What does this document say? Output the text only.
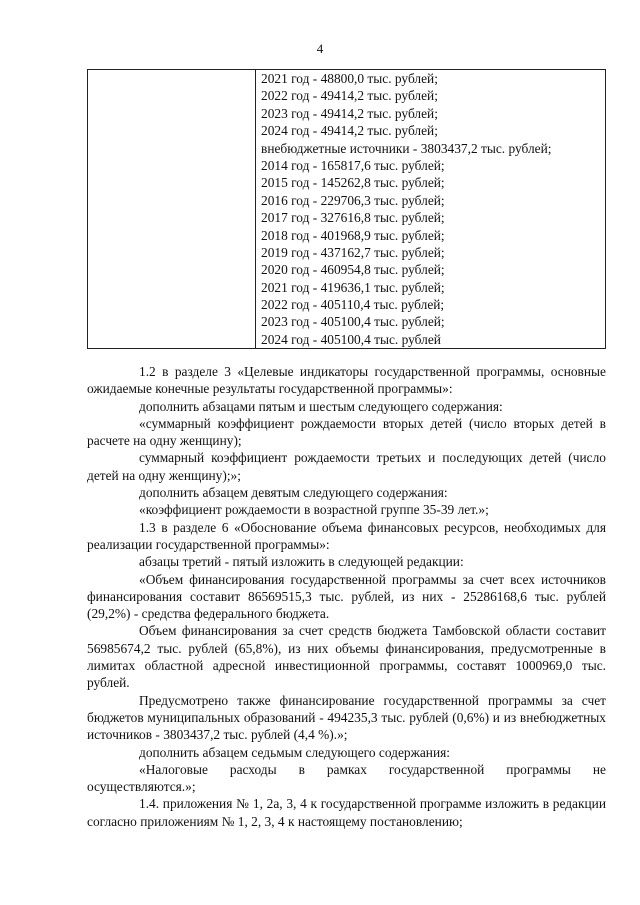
4

2021 год - 48800,0 тыс. рублей;
2022 год - 49414,2 тыс. рублей;
2023 год - 49414,2 тыс. рублей;
2024 год - 49414,2 тыс. рублей;
внебюджетные источники - 3803437,2 тыс. рублей;
2014 год - 165817,6 тыс. рублей;
2015 год - 145262,8 тыс. рублей;
2016 год - 229706,3 тыс. рублей;
2017 год - 327616,8 тыс. рублей;
2018 год - 401968,9 тыс. рублей;
2019 год - 437162,7 тыс. рублей;
2020 год - 460954,8 тыс. рублей;
2021 год - 419636,1 тыс. рублей;
2022 год - 405110,4 тыс. рублей;
2023 год - 405100,4 тыс. рублей;
2024 год - 405100,4 тыс. рублей

1.2 в разделе 3 «Целевые индикаторы государственной программы, основные ожидаемые конечные результаты государственной программы»:

дополнить абзацами пятым и шестым следующего содержания:

«суммарный коэффициент рождаемости вторых детей (число вторых детей в расчете на одну женщину);

суммарный коэффициент рождаемости третьих и последующих детей (число детей на одну женщину);»;

дополнить абзацем девятым следующего содержания:

«коэффициент рождаемости в возрастной группе 35-39 лет.»;

1.3 в разделе 6 «Обоснование объема финансовых ресурсов, необходимых для реализации государственной программы»:

абзацы третий - пятый изложить в следующей редакции:

«Объем финансирования государственной программы за счет всех источников финансирования составит 86569515,3 тыс. рублей, из них - 25286168,6 тыс. рублей (29,2%) - средства федерального бюджета.

Объем финансирования за счет средств бюджета Тамбовской области составит 56985674,2 тыс. рублей (65,8%), из них объемы финансирования, предусмотренные в лимитах областной адресной инвестиционной программы, составят 1000969,0 тыс. рублей.

Предусмотрено также финансирование государственной программы за счет бюджетов муниципальных образований - 494235,3 тыс. рублей (0,6%) и из внебюджетных источников - 3803437,2 тыс. рублей (4,4 %).»;

дополнить абзацем седьмым следующего содержания:

«Налоговые расходы в рамках государственной программы не осуществляются.»;

1.4. приложения № 1, 2а, 3, 4 к государственной программе изложить в редакции согласно приложениям № 1, 2, 3, 4 к настоящему постановлению;
